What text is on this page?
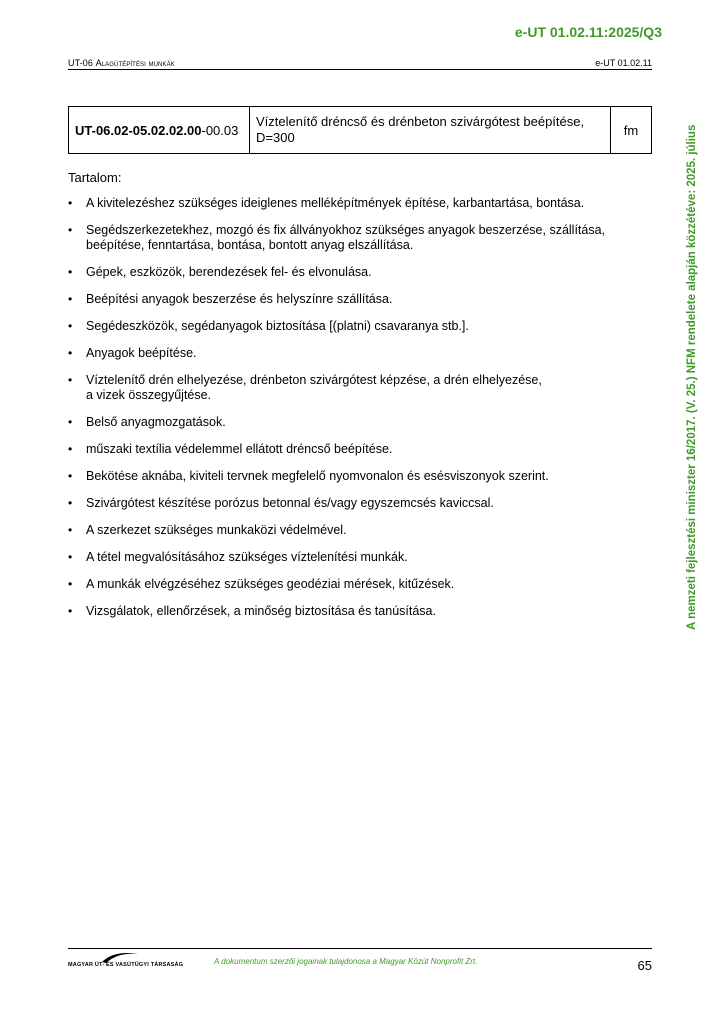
e-UT 01.02.11:2025/Q3
UT-06 Alagútépítési munkák	e-UT 01.02.11
UT-06.02-05.02.02.00-00.03	
Víztelenítő dréncső és drénbeton szivárgótest beépítése,
D=300	fm
Tartalom:
• A kivitelezéshez szükséges ideiglenes melléképítmények építése, karbantartása, bontása.
• Segédszerkezetekhez, mozgó és fix állványokhoz szükséges anyagok beszerzése, szállítása,
beépítése, fenntartása, bontása, bontott anyag elszállítása.
• Gépek, eszközök, berendezések fel- és elvonulása.
• Beépítési anyagok beszerzése és helyszínre szállítása.
• Segédeszközök, segédanyagok biztosítása [(platni) csavaranya stb.].
• Anyagok beépítése.
• Víztelenítő drén elhelyezése, drénbeton szivárgótest képzése, a drén elhelyezése,
a vizek összegyűjtése.
• Belső anyagmozgatások.
• műszaki textília védelemmel ellátott dréncső beépítése.
• Bekötése aknába, kiviteli tervnek megfelelő nyomvonalon és esésviszonyok szerint.
• Szivárgótest készítése porózus betonnal és/vagy egyszemcsés kaviccsal.
• A szerkezet szükséges munkaközi védelmével.
• A tétel megvalósításához szükséges víztelenítési munkák.
• A munkák elvégzéséhez szükséges geodéziai mérések, kitűzések.
• Vizsgálatok, ellenőrzések, a minőség biztosítása és tanúsítása.	A nemzeti fejlesztési miniszter 16/2017. (V. 25.) NFM rendelete alapján közzétéve: 2025. július
MAGYAR ÚT- ÉS VASÚTÜGYI TÁRSASÁG	A dokumentum szerzői jogainak tulajdonosa a Magyar Közút Nonprofit Zrt.	65
